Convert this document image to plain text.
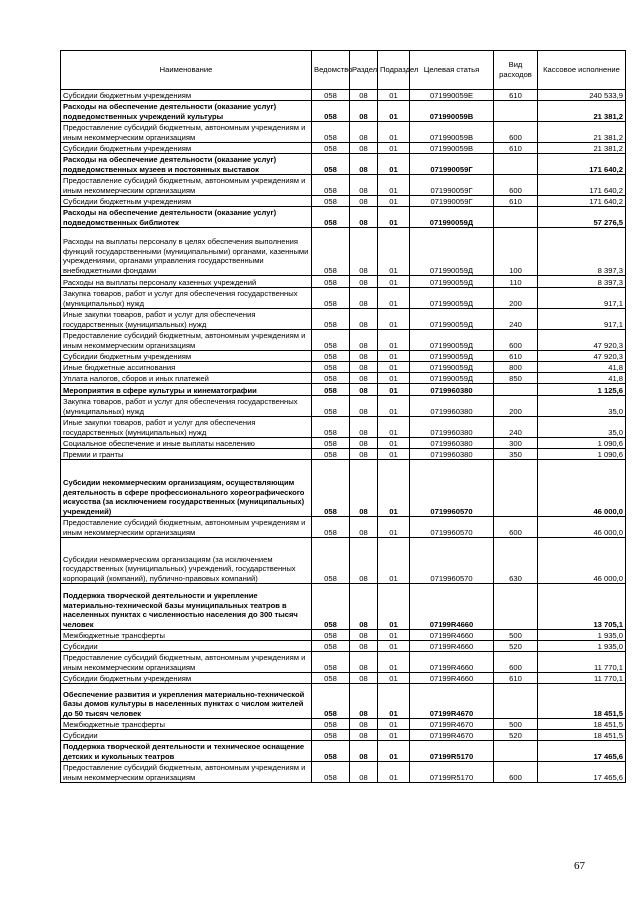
Наименование	Ведомство	Раздел	Подраздел	Целевая статья	Вид расходов	Кассовое исполнение
Субсидии бюджетным учреждениям	058	08	01	071990059Е	610	240 533,9
Расходы на обеспечение деятельности (оказание услуг) подведомственных учреждений культуры	058	08	01	071990059В		21 381,2
Предоставление субсидий бюджетным, автономным учреждениям и иным некоммерческим организациям	058	08	01	071990059В	600	21 381,2
Субсидии бюджетным учреждениям	058	08	01	071990059В	610	21 381,2
Расходы на обеспечение деятельности (оказание услуг) подведомственных музеев и постоянных выставок	058	08	01	071990059Г		171 640,2
Предоставление субсидий бюджетным, автономным учреждениям и иным некоммерческим организациям	058	08	01	071990059Г	600	171 640,2
Субсидии бюджетным учреждениям	058	08	01	071990059Г	610	171 640,2
Расходы на обеспечение деятельности (оказание услуг) подведомственных библиотек	058	08	01	071990059Д		57 276,5
Расходы на выплаты персоналу в целях обеспечения выполнения функций государственными (муниципальными) органами, казенными учреждениями, органами управления государственными внебюджетными фондами	058	08	01	071990059Д	100	8 397,3
Расходы на выплаты персоналу казенных учреждений	058	08	01	071990059Д	110	8 397,3
Закупка товаров, работ и услуг для обеспечения государственных (муниципальных) нужд	058	08	01	071990059Д	200	917,1
Иные закупки товаров, работ и услуг для обеспечения государственных (муниципальных) нужд	058	08	01	071990059Д	240	917,1
Предоставление субсидий бюджетным, автономным учреждениям и иным некоммерческим организациям	058	08	01	071990059Д	600	47 920,3
Субсидии бюджетным учреждениям	058	08	01	071990059Д	610	47 920,3
Иные бюджетные ассигнования	058	08	01	071990059Д	800	41,8
Уплата налогов, сборов и иных платежей	058	08	01	071990059Д	850	41,8
Мероприятия в сфере культуры и кинематографии	058	08	01	0719960380		1 125,6
Закупка товаров, работ и услуг для обеспечения государственных (муниципальных) нужд	058	08	01	0719960380	200	35,0
Иные закупки товаров, работ и услуг для обеспечения государственных (муниципальных) нужд	058	08	01	0719960380	240	35,0
Социальное обеспечение и иные выплаты населению	058	08	01	0719960380	300	1 090,6
Премии и гранты	058	08	01	0719960380	350	1 090,6
Субсидии некоммерческим организациям, осуществляющим деятельность в сфере профессионального хореографического искусства (за исключением государственных (муниципальных) учреждений)	058	08	01	0719960570		46 000,0
Предоставление субсидий бюджетным, автономным учреждениям и иным некоммерческим организациям	058	08	01	0719960570	600	46 000,0
Субсидии некоммерческим организациям (за исключением государственных (муниципальных) учреждений, государственных корпораций (компаний), публично-правовых компаний)	058	08	01	0719960570	630	46 000,0
Поддержка творческой деятельности и укрепление материально-технической базы муниципальных театров в населенных пунктах с численностью населения до 300 тысяч человек	058	08	01	07199R4660		13 705,1
Межбюджетные трансферты	058	08	01	07199R4660	500	1 935,0
Субсидии	058	08	01	07199R4660	520	1 935,0
Предоставление субсидий бюджетным, автономным учреждениям и иным некоммерческим организациям	058	08	01	07199R4660	600	11 770,1
Субсидии бюджетным учреждениям	058	08	01	07199R4660	610	11 770,1
Обеспечение развития и укрепления материально-технической базы домов культуры в населенных пунктах с числом жителей до 50 тысяч человек	058	08	01	07199R4670		18 451,5
Межбюджетные трансферты	058	08	01	07199R4670	500	18 451,5
Субсидии	058	08	01	07199R4670	520	18 451,5
Поддержка творческой деятельности и техническое оснащение детских и кукольных театров	058	08	01	07199R5170		17 465,6
Предоставление субсидий бюджетным, автономным учреждениям и иным некоммерческим организациям	058	08	01	07199R5170	600	17 465,6
67
